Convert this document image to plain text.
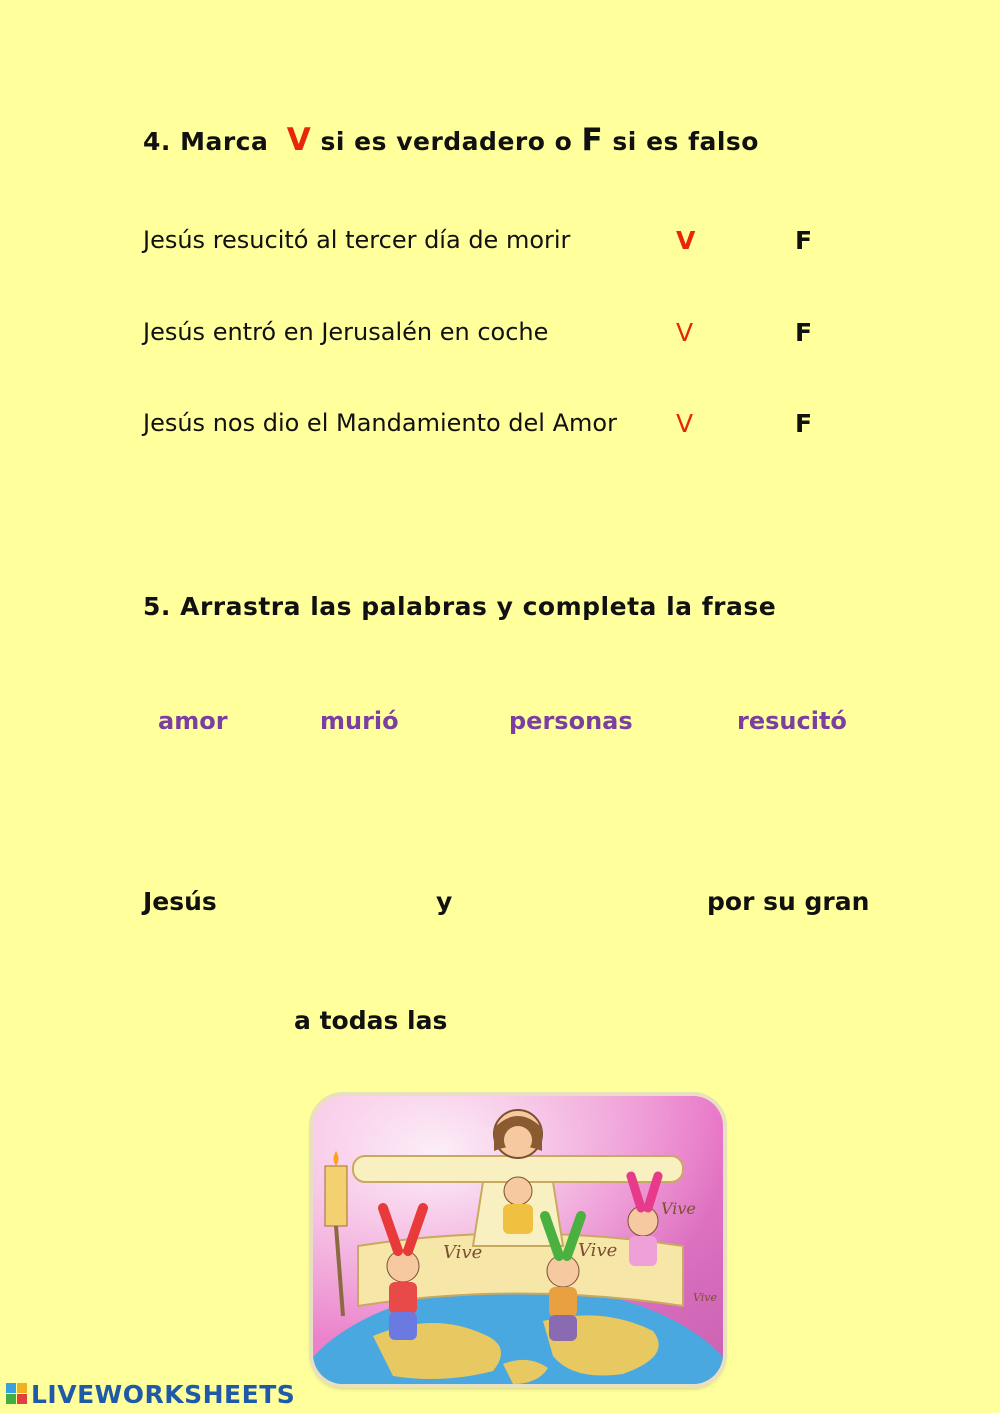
4. Marca V si es verdadero o F si es falso
Jesús resucitó al tercer día de morir	V	F
Jesús entró en Jerusalén en coche	V	F
Jesús nos dio el Mandamiento del Amor V	F
5. Arrastra las palabras y completa la frase
amor	murió	personas	resucitó
Jesús	y	por su gran
a todas las
Vive	Vive
Vive
Vive
LIVEWORKSHEETS
